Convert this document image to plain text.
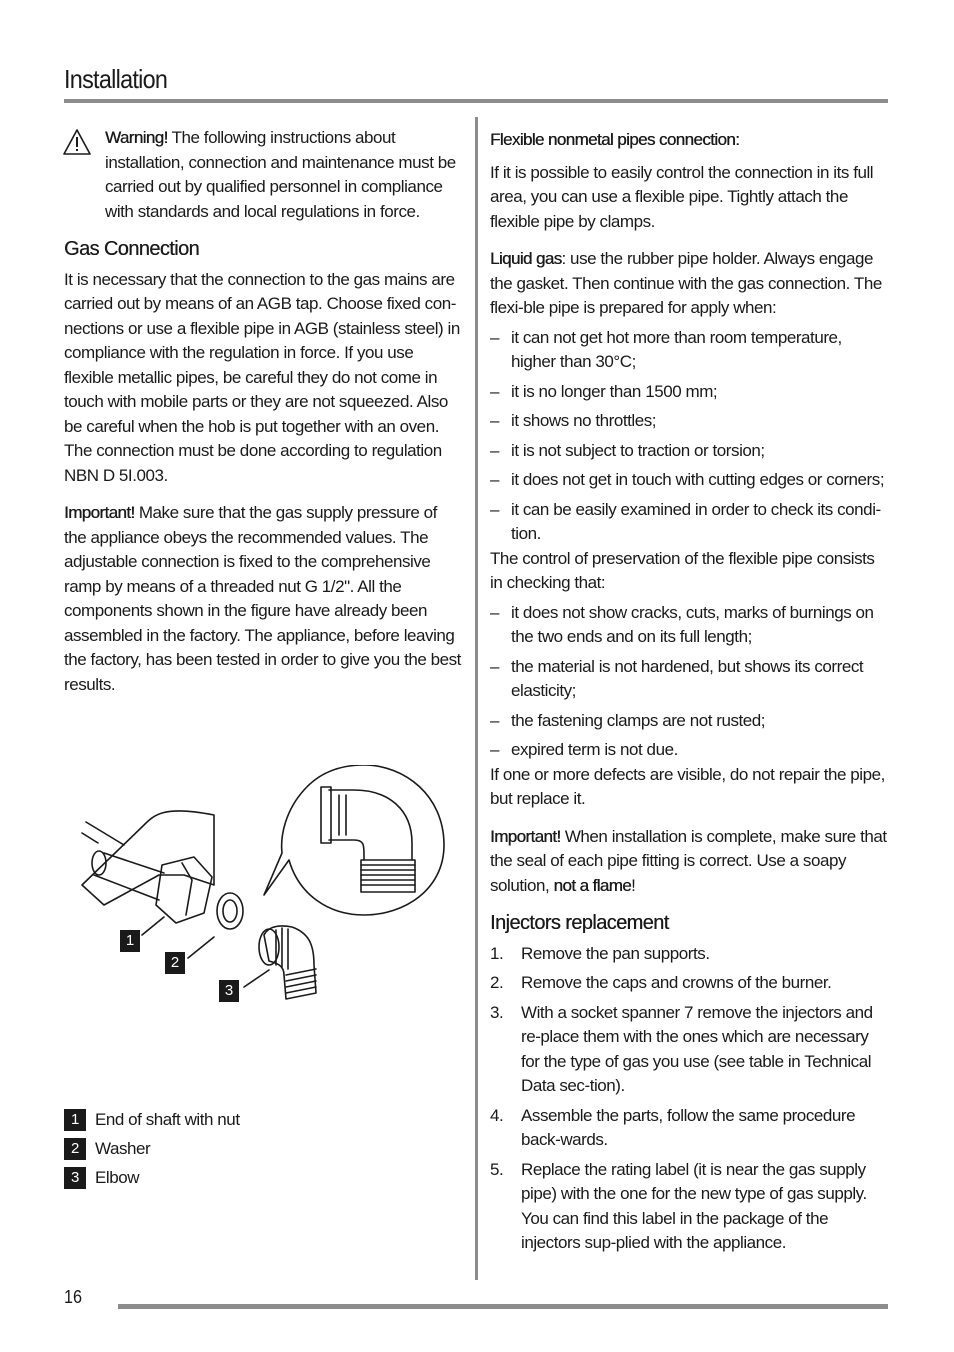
Installation

Warning! The following instructions about installation, connection and maintenance must be carried out by qualified personnel in compliance with standards and local regulations in force.

Gas Connection

It is necessary that the connection to the gas mains are carried out by means of an AGB tap. Choose fixed con-nections or use a flexible pipe in AGB (stainless steel) in compliance with the regulation in force. If you use flexible metallic pipes, be careful they do not come in touch with mobile parts or they are not squeezed. Also be careful when the hob is put together with an oven.

The connection must be done according to regulation NBN D 5I.003.

Important! Make sure that the gas supply pressure of the appliance obeys the recommended values. The adjustable connection is fixed to the comprehensive ramp by means of a threaded nut G 1/2". All the components shown in the figure have already been assembled in the factory. The appliance, before leaving the factory, has been tested in order to give you the best results.

1
2
3
1 End of shaft with nut
2 Washer
3 Elbow

Flexible nonmetal pipes connection:

If it is possible to easily control the connection in its full area, you can use a flexible pipe. Tightly attach the flexible pipe by clamps.

Liquid gas: use the rubber pipe holder. Always engage the gasket. Then continue with the gas connection. The flexi-ble pipe is prepared for apply when:

– it can not get hot more than room temperature, higher than 30°C;
– it is no longer than 1500 mm;
– it shows no throttles;
– it is not subject to traction or torsion;
– it does not get in touch with cutting edges or corners;
– it can be easily examined in order to check its condi-tion.

The control of preservation of the flexible pipe consists in checking that:

– it does not show cracks, cuts, marks of burnings on the two ends and on its full length;
– the material is not hardened, but shows its correct elasticity;
– the fastening clamps are not rusted;
– expired term is not due.

If one or more defects are visible, do not repair the pipe, but replace it.

Important! When installation is complete, make sure that the seal of each pipe fitting is correct. Use a soapy solution, not a flame!

Injectors replacement
1. Remove the pan supports.
2. Remove the caps and crowns of the burner.
3. With a socket spanner 7 remove the injectors and re-place them with the ones which are necessary for the type of gas you use (see table in Technical Data sec-tion).
4. Assemble the parts, follow the same procedure back-wards.
5. Replace the rating label (it is near the gas supply pipe) with the one for the new type of gas supply. You can find this label in the package of the injectors sup-plied with the appliance.
16
